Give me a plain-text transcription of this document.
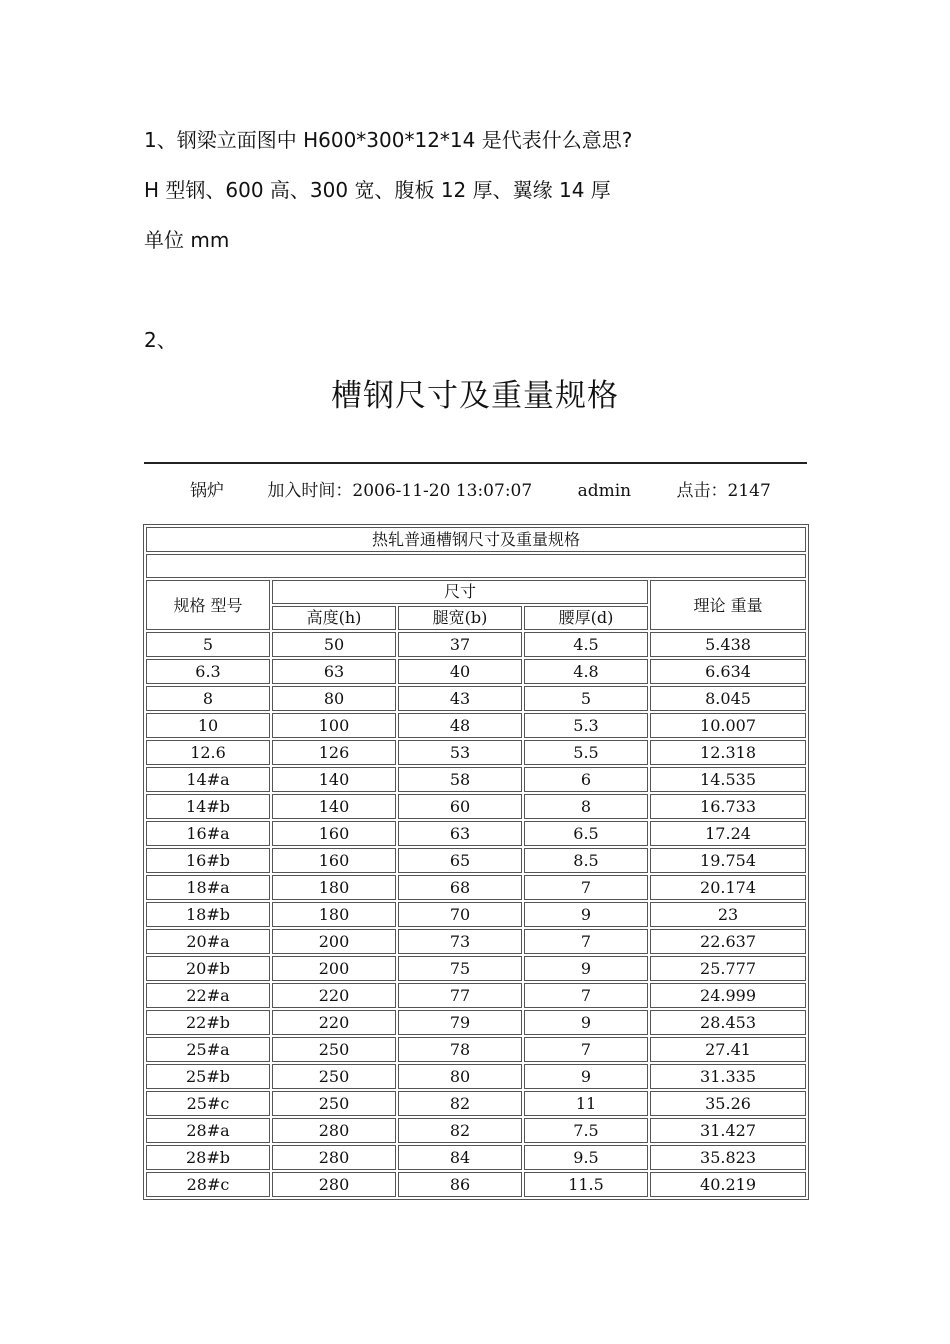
1、钢梁立面图中 H600*300*12*14 是代表什么意思?
H 型钢、600 高、300 宽、腹板 12 厚、翼缘 14 厚
单位 mm
2、
槽钢尺寸及重量规格
锅炉	加入时间：2006-11-20 13:07:07	admin	点击：2147
热轧普通槽钢尺寸及重量规格				

规格 型号	尺寸			理论 重量
	高度(h)	腿宽(b)	腰厚(d)	
5	50	37	4.5	5.438
6.3	63	40	4.8	6.634
8	80	43	5	8.045
10	100	48	5.3	10.007
12.6	126	53	5.5	12.318
14#a	140	58	6	14.535
14#b	140	60	8	16.733
16#a	160	63	6.5	17.24
16#b	160	65	8.5	19.754
18#a	180	68	7	20.174
18#b	180	70	9	23
20#a	200	73	7	22.637
20#b	200	75	9	25.777
22#a	220	77	7	24.999
22#b	220	79	9	28.453
25#a	250	78	7	27.41
25#b	250	80	9	31.335
25#c	250	82	11	35.26
28#a	280	82	7.5	31.427
28#b	280	84	9.5	35.823
28#c	280	86	11.5	40.219
